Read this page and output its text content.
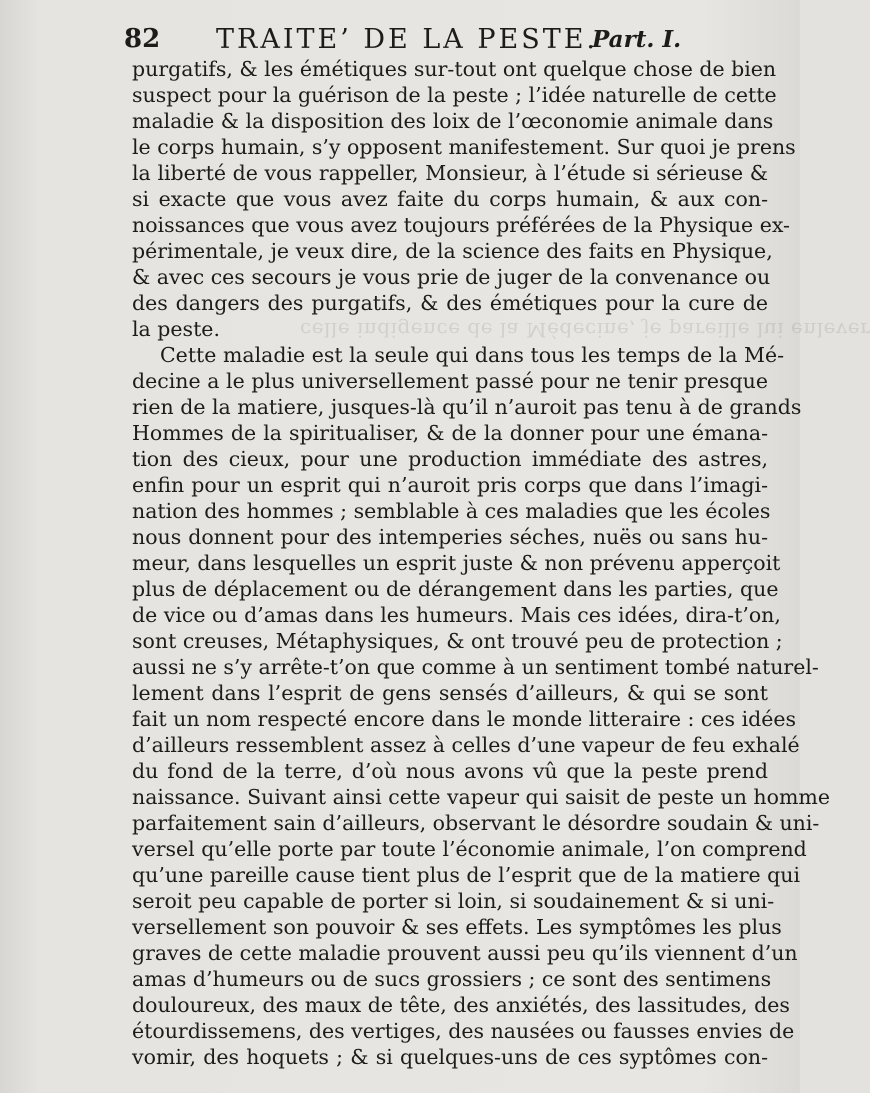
celle indigence de la Médecine, je pareille lui enlever
82 TRAITE’ DE LA PESTE.
Part. I.
purgatifs, & les émétiques sur-tout ont quelque chose de bien
suspect pour la guérison de la peste ; l’idée naturelle de cette
maladie & la disposition des loix de l’œconomie animale dans
le corps humain, s’y opposent manifestement. Sur quoi je prens
la liberté de vous rappeller, Monsieur, à l’étude si sérieuse &
si exacte que vous avez faite du corps humain, & aux con-
noissances que vous avez toujours préférées de la Physique ex-
périmentale, je veux dire, de la science des faits en Physique,
& avec ces secours je vous prie de juger de la convenance ou
des dangers des purgatifs, & des émétiques pour la cure de
la peste.
Cette maladie est la seule qui dans tous les temps de la Mé-
decine a le plus universellement passé pour ne tenir presque
rien de la matiere, jusques-là qu’il n’auroit pas tenu à de grands
Hommes de la spiritualiser, & de la donner pour une émana-
tion des cieux, pour une production immédiate des astres,
enfin pour un esprit qui n’auroit pris corps que dans l’imagi-
nation des hommes ; semblable à ces maladies que les écoles
nous donnent pour des intemperies séches, nuës ou sans hu-
meur, dans lesquelles un esprit juste & non prévenu apperçoit
plus de déplacement ou de dérangement dans les parties, que
de vice ou d’amas dans les humeurs. Mais ces idées, dira-t’on,
sont creuses, Métaphysiques, & ont trouvé peu de protection ;
aussi ne s’y arrête-t’on que comme à un sentiment tombé naturel-
lement dans l’esprit de gens sensés d’ailleurs, & qui se sont
fait un nom respecté encore dans le monde litteraire : ces idées
d’ailleurs ressemblent assez à celles d’une vapeur de feu exhalé
du fond de la terre, d’où nous avons vû que la peste prend
naissance. Suivant ainsi cette vapeur qui saisit de peste un homme
parfaitement sain d’ailleurs, observant le désordre soudain & uni-
versel qu’elle porte par toute l’économie animale, l’on comprend
qu’une pareille cause tient plus de l’esprit que de la matiere qui
seroit peu capable de porter si loin, si soudainement & si uni-
versellement son pouvoir & ses effets. Les symptômes les plus
graves de cette maladie prouvent aussi peu qu’ils viennent d’un
amas d’humeurs ou de sucs grossiers ; ce sont des sentimens
douloureux, des maux de tête, des anxiétés, des lassitudes, des
étourdissemens, des vertiges, des nausées ou fausses envies de
vomir, des hoquets ; & si quelques-uns de ces syptômes con-
